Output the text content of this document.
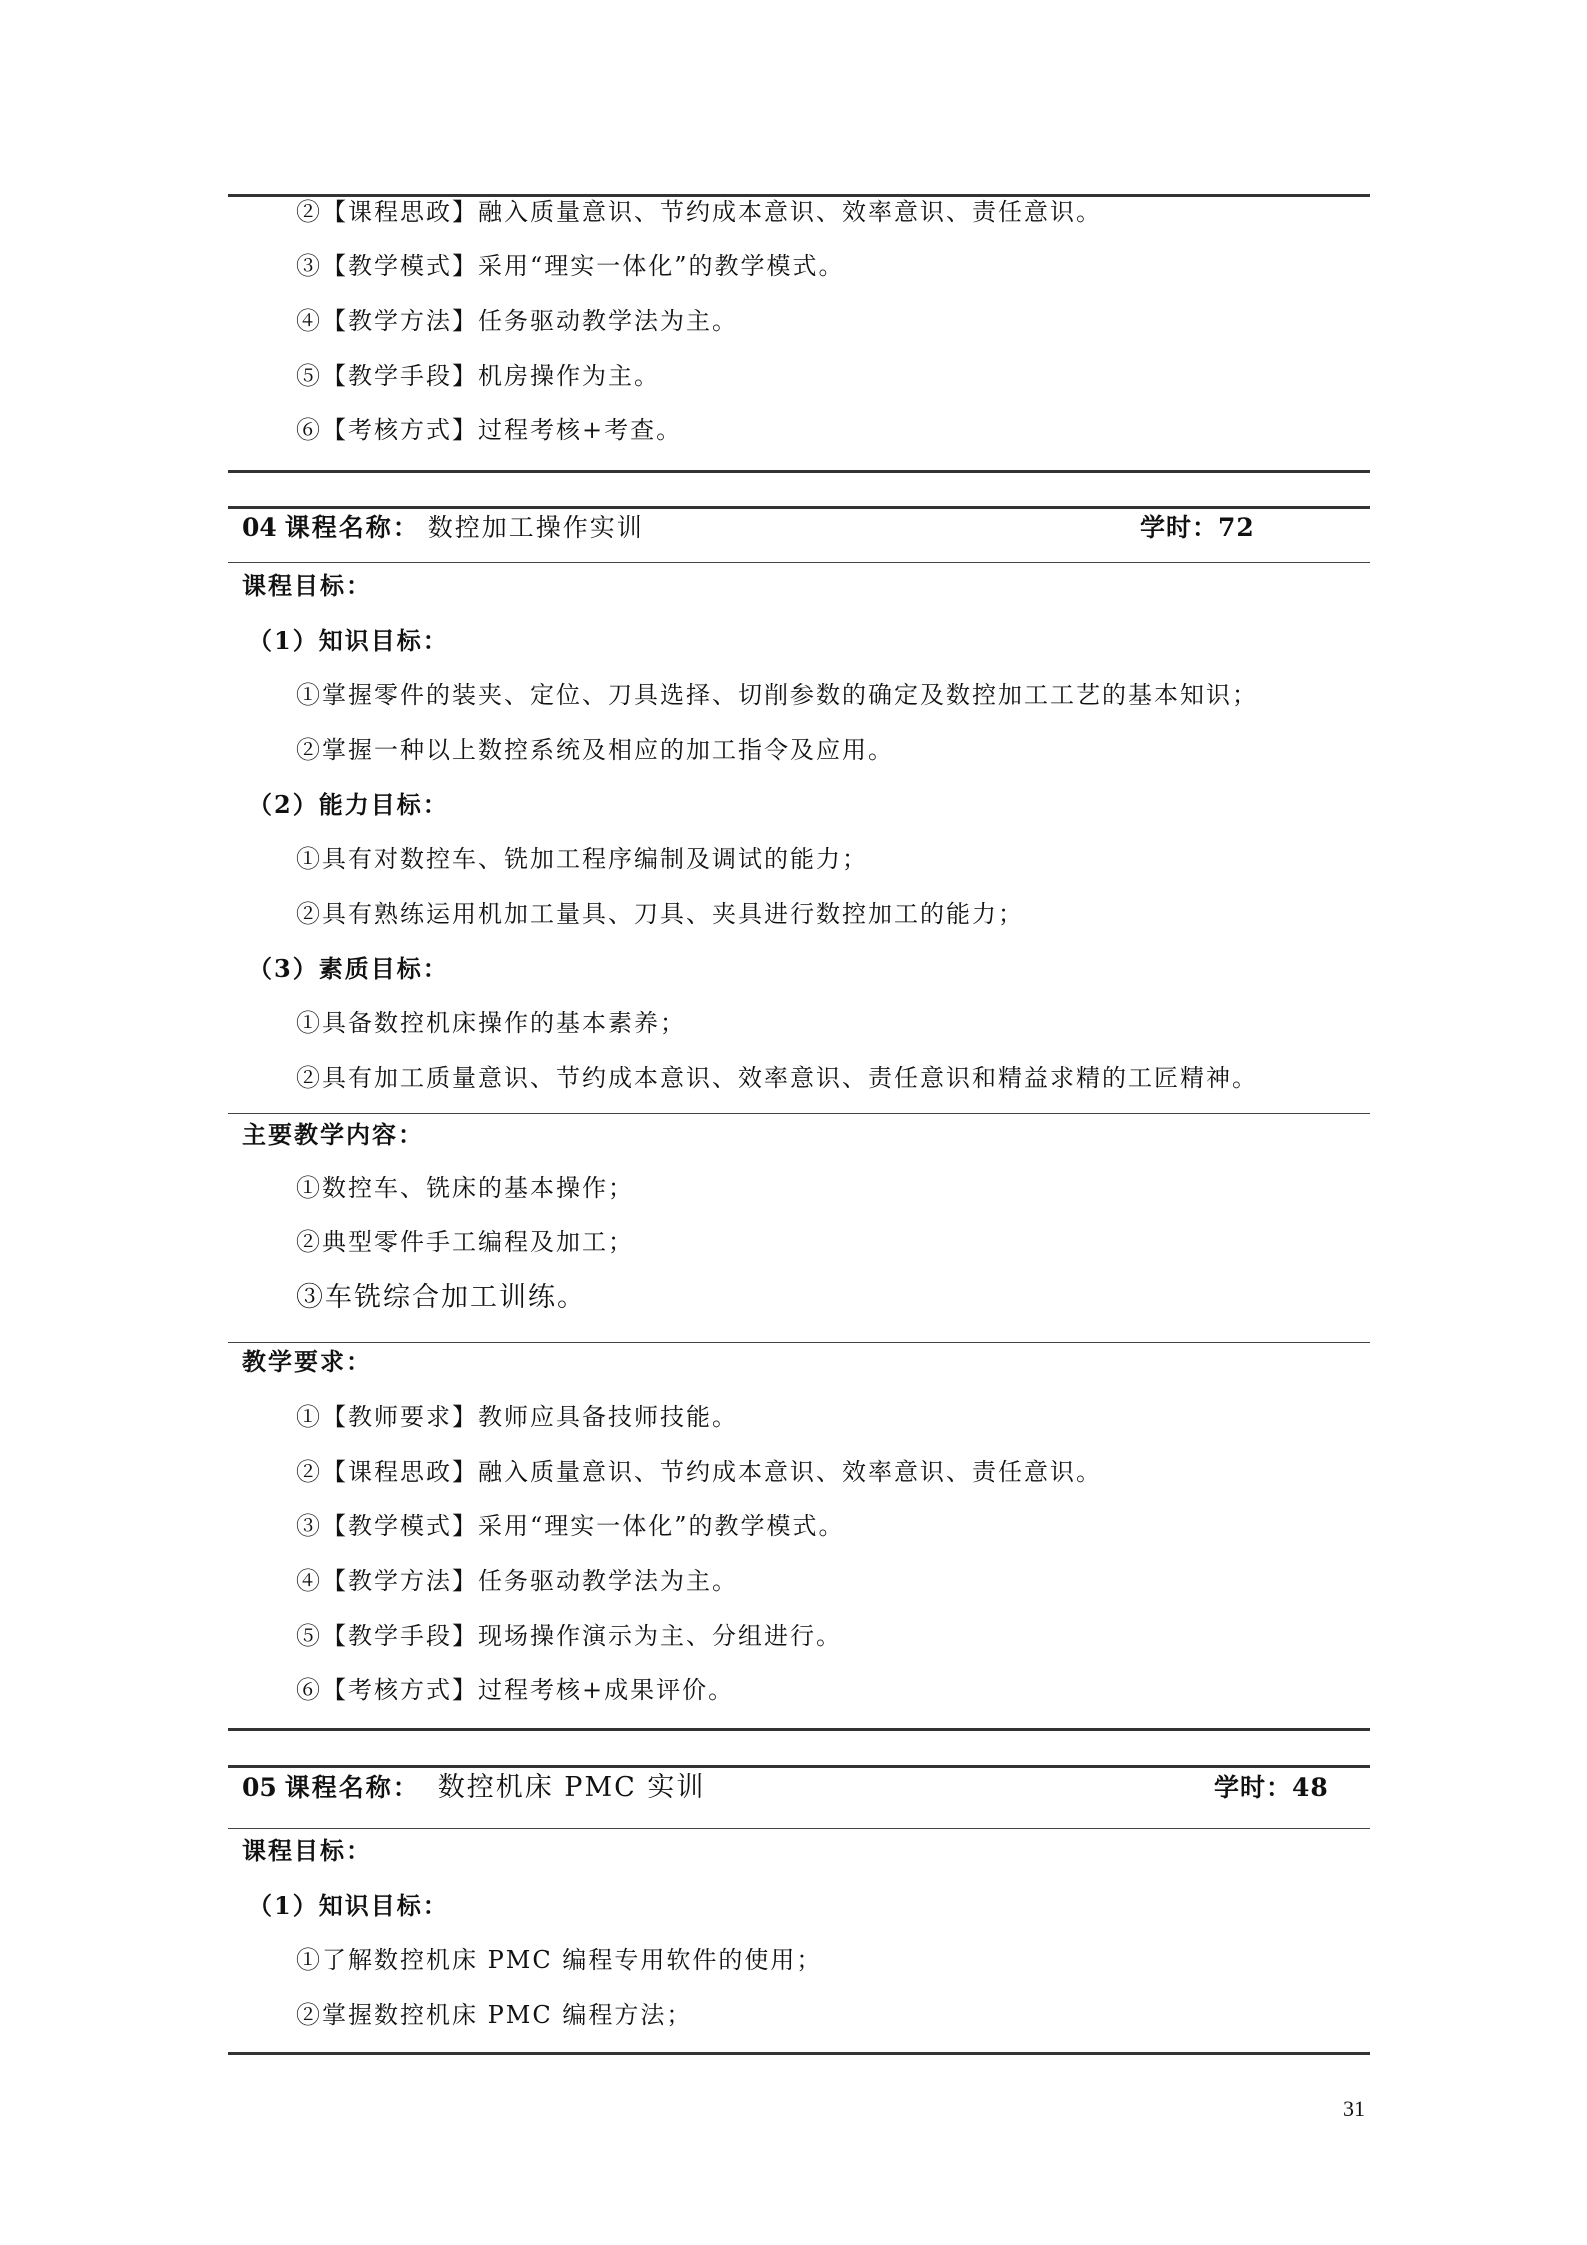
②【课程思政】融入质量意识、节约成本意识、效率意识、责任意识。
③【教学模式】采用“理实一体化”的教学模式。
④【教学方法】任务驱动教学法为主。
⑤【教学手段】机房操作为主。
⑥【考核方式】过程考核+考查。
04 课程名称： 数控加工操作实训	学时：72
课程目标：
（1）知识目标：
①掌握零件的装夹、定位、刀具选择、切削参数的确定及数控加工工艺的基本知识；
②掌握一种以上数控系统及相应的加工指令及应用。
（2）能力目标：
①具有对数控车、铣加工程序编制及调试的能力；
②具有熟练运用机加工量具、刀具、夹具进行数控加工的能力；
（3）素质目标：
①具备数控机床操作的基本素养；
②具有加工质量意识、节约成本意识、效率意识、责任意识和精益求精的工匠精神。
主要教学内容：
①数控车、铣床的基本操作；
②典型零件手工编程及加工；
③车铣综合加工训练。
教学要求：
①【教师要求】教师应具备技师技能。
②【课程思政】融入质量意识、节约成本意识、效率意识、责任意识。
③【教学模式】采用“理实一体化”的教学模式。
④【教学方法】任务驱动教学法为主。
⑤【教学手段】现场操作演示为主、分组进行。
⑥【考核方式】过程考核+成果评价。
05 课程名称： 数控机床 PMC 实训	学时：48
课程目标：
（1）知识目标：
①了解数控机床 PMC 编程专用软件的使用；
②掌握数控机床 PMC 编程方法；
31
